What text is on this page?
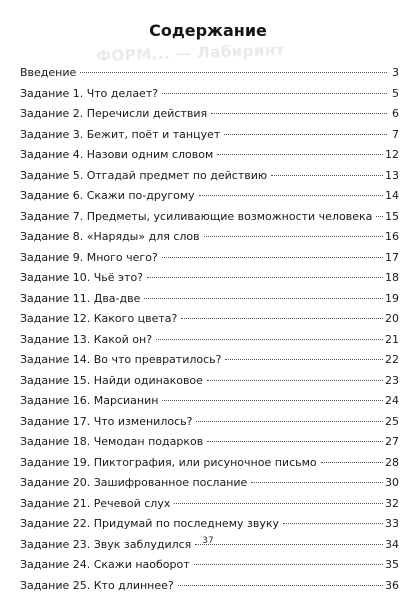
ФОРМ... — Лабиринт
Содержание
Введение	3
Задание 1. Что делает?	5
Задание 2. Перечисли действия	6
Задание 3. Бежит, поёт и танцует	7
Задание 4. Назови одним словом	12
Задание 5. Отгадай предмет по действию	13
Задание 6. Скажи по-другому	14
Задание 7. Предметы, усиливающие возможности человека 15
Задание 8. «Наряды» для слов	16
Задание 9. Много чего?	17
Задание 10. Чьё это?	18
Задание 11. Два-две	19
Задание 12. Какого цвета?	20
Задание 13. Какой он?	21
Задание 14. Во что превратилось?	22
Задание 15. Найди одинаковое	23
Задание 16. Марсианин	24
Задание 17. Что изменилось?	25
Задание 18. Чемодан подарков	27
Задание 19. Пиктография, или рисуночное письмо	28
Задание 20. Зашифрованное послание	30
Задание 21. Речевой слух	32
Задание 22. Придумай по последнему звуку	33
Задание 23. Звук заблудился	34
Задание 24. Скажи наоборот	35
Задание 25. Кто длиннее?	36
37
